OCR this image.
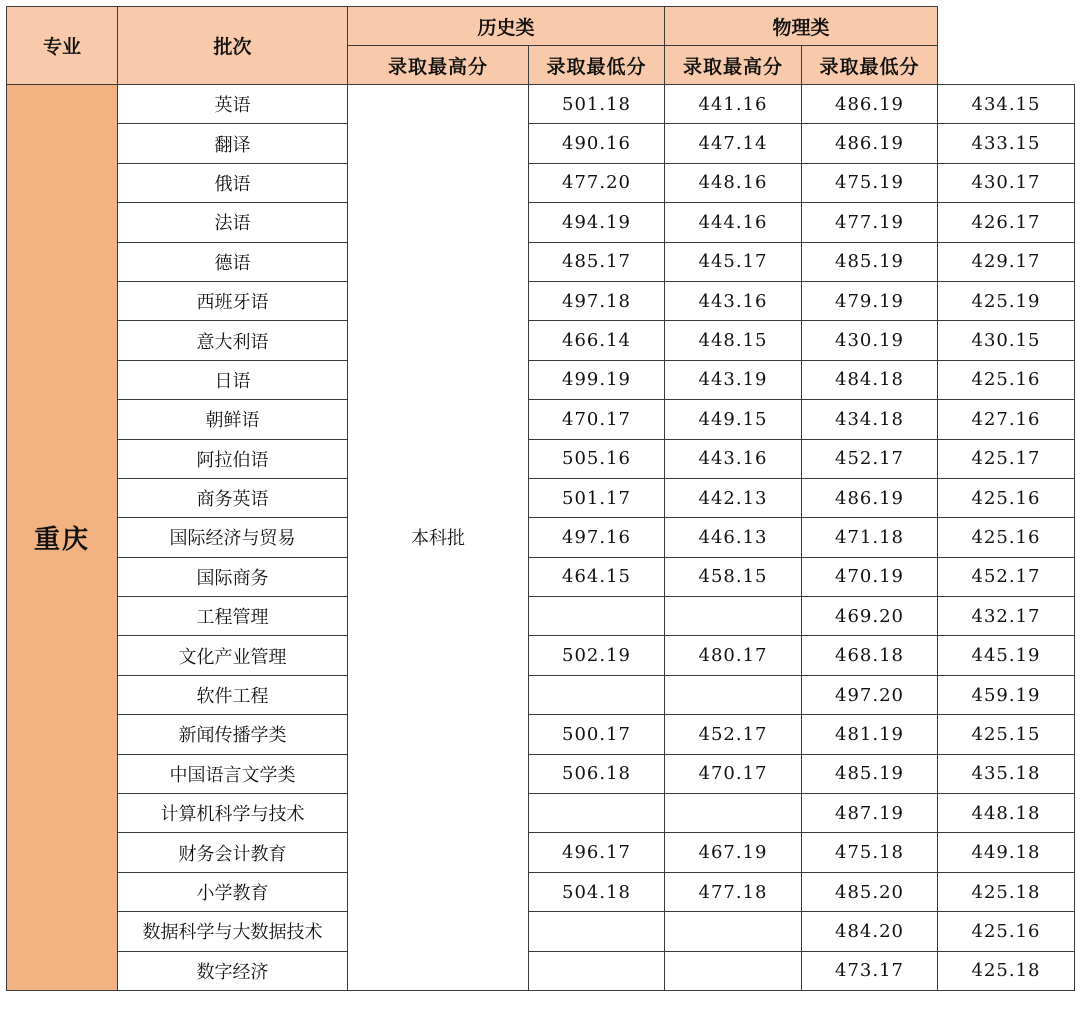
专业	批次	历史类		物理类		
		录取最高分	录取最低分	录取最高分	录取最低分	
重庆	英语	本科批	501.18	441.16	486.19	434.15
	翻译		490.16	447.14	486.19	433.15
	俄语		477.20	448.16	475.19	430.17
	法语		494.19	444.16	477.19	426.17
	德语		485.17	445.17	485.19	429.17
	西班牙语		497.18	443.16	479.19	425.19
	意大利语		466.14	448.15	430.19	430.15
	日语		499.19	443.19	484.18	425.16
	朝鲜语		470.17	449.15	434.18	427.16
	阿拉伯语		505.16	443.16	452.17	425.17
	商务英语		501.17	442.13	486.19	425.16
	国际经济与贸易		497.16	446.13	471.18	425.16
	国际商务		464.15	458.15	470.19	452.17
	工程管理				469.20	432.17
	文化产业管理		502.19	480.17	468.18	445.19
	软件工程				497.20	459.19
	新闻传播学类		500.17	452.17	481.19	425.15
	中国语言文学类		506.18	470.17	485.19	435.18
	计算机科学与技术				487.19	448.18
	财务会计教育		496.17	467.19	475.18	449.18
	小学教育		504.18	477.18	485.20	425.18
	数据科学与大数据技术				484.20	425.16
	数字经济				473.17	425.18
